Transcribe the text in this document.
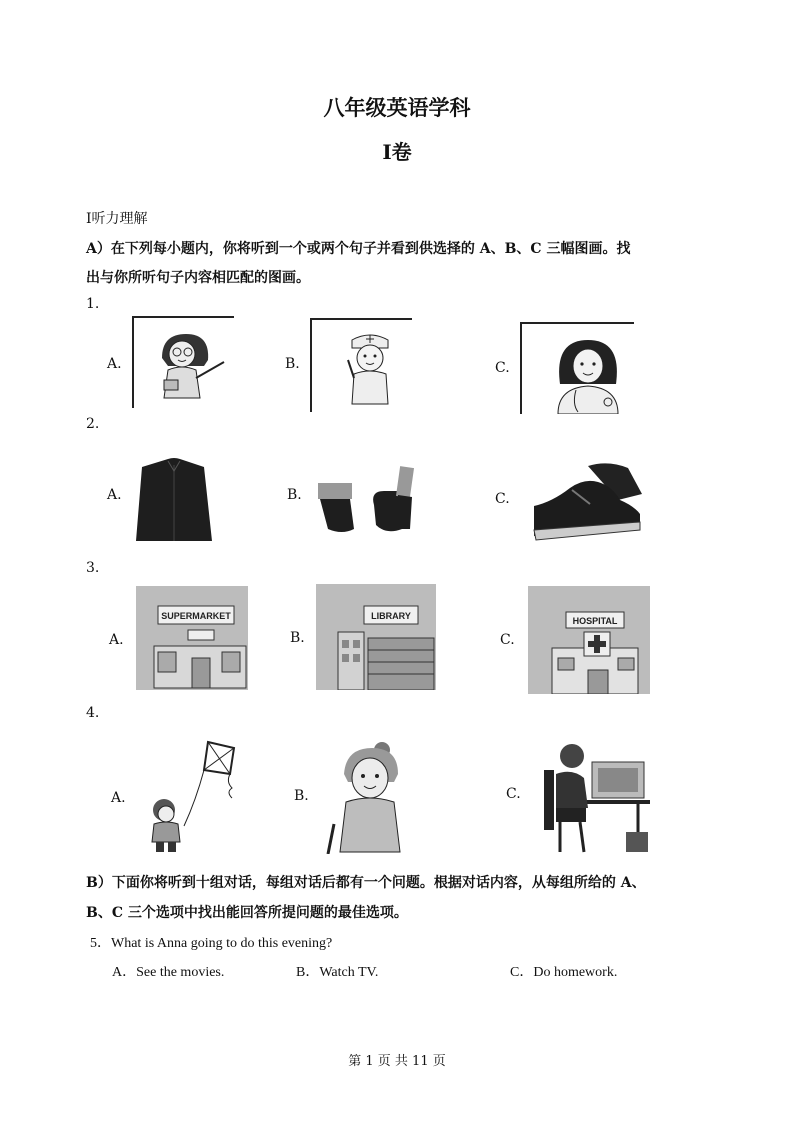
八年级英语学科
I卷
I听力理解
A）在下列每小题内，你将听到一个或两个句子并看到供选择的 A、B、C 三幅图画。找
出与你所听句子内容相匹配的图画。
1.
A.	B.	C.
2.
A.	B.	C.
3.
A.
SUPERMARKET
B.
LIBRARY
C.
HOSPITAL
4.
A.	B.	C.
B）下面你将听到十组对话，每组对话后都有一个问题。根据对话内容，从每组所给的 A、
B、C 三个选项中找出能回答所提问题的最佳选项。
5．What is Anna going to do this evening?
A．See the movies.	B．Watch TV.	C．Do homework.
第 1 页 共 11 页
